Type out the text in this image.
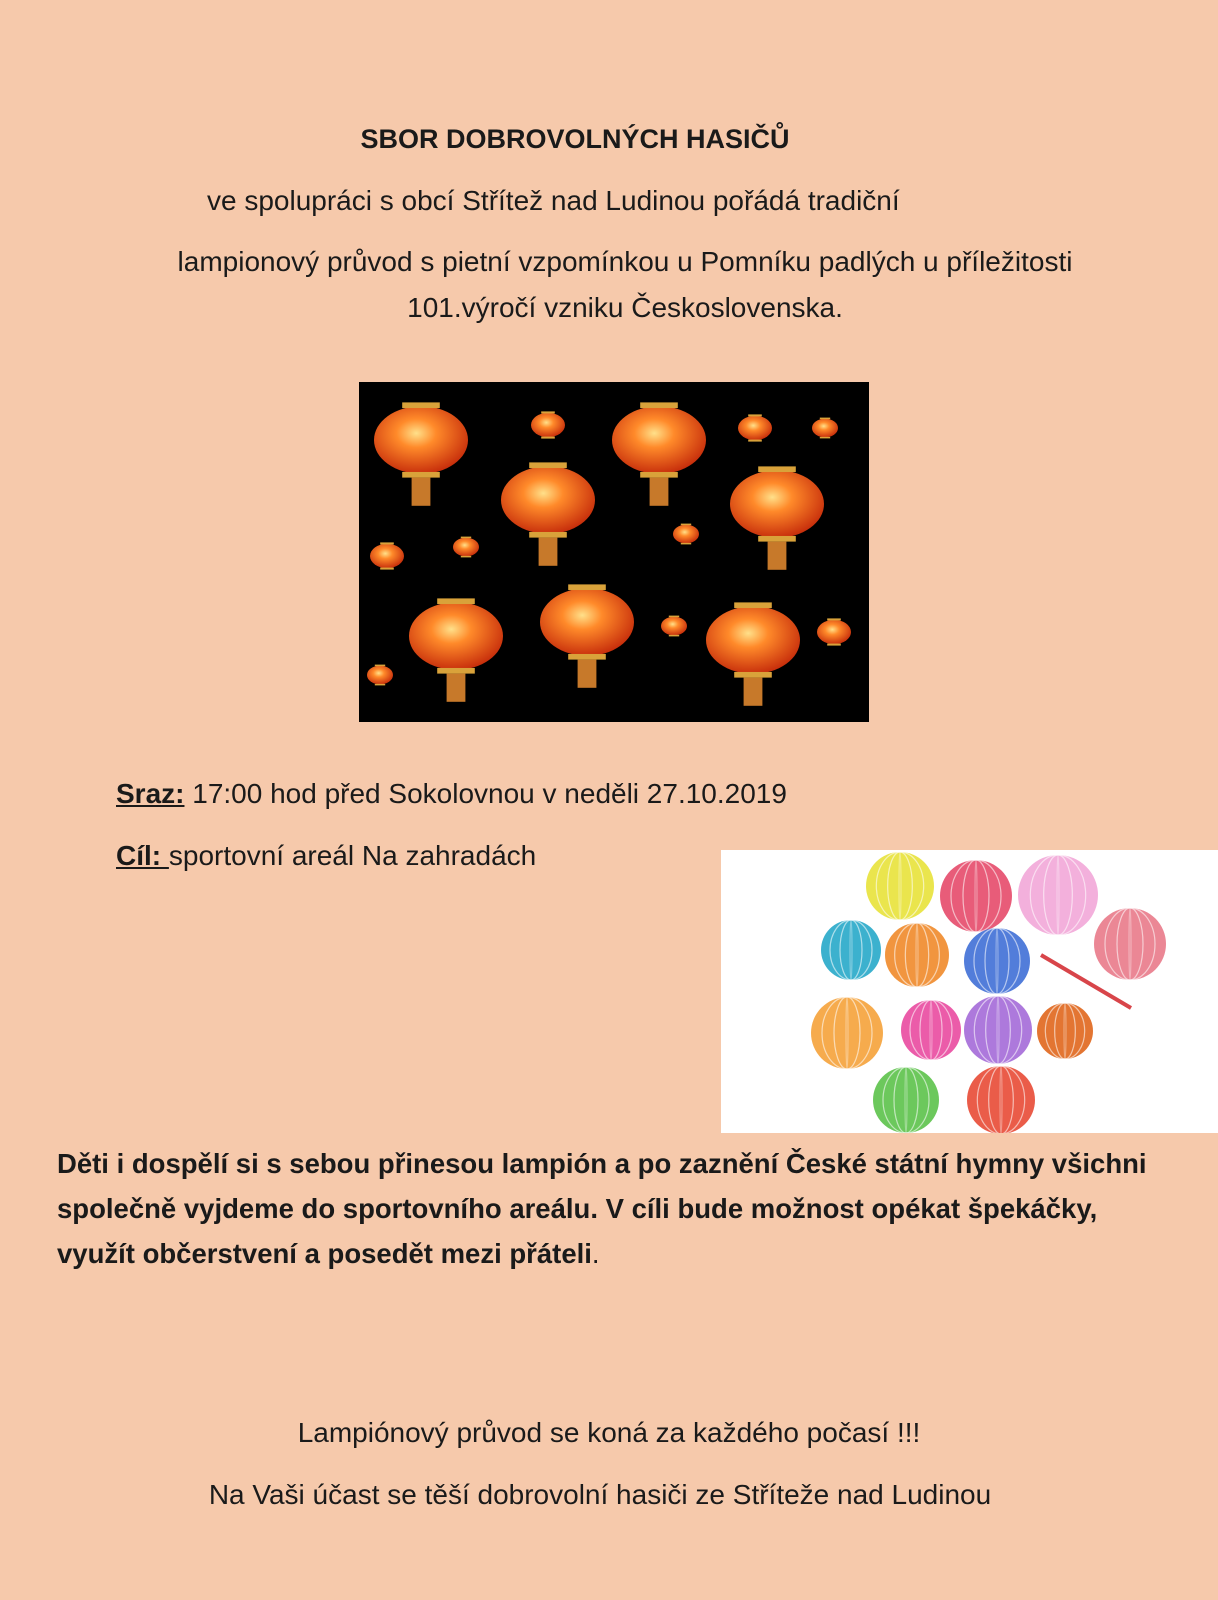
SBOR DOBROVOLNÝCH HASIČŮ
ve spolupráci s obcí Střítež nad Ludinou pořádá tradiční
lampionový průvod s pietní vzpomínkou u Pomníku padlých u příležitosti
101.výročí vzniku Československa.
Sraz: 17:00 hod před Sokolovnou v neděli 27.10.2019
Cíl: sportovní areál Na zahradách
Děti i dospělí si s sebou přinesou lampión a po zaznění České státní hymny všichni společně vyjdeme do sportovního areálu. V cíli bude možnost opékat špekáčky, využít občerstvení a posedět mezi přáteli.
Lampiónový průvod se koná za každého počasí !!!
Na Vaši účast se těší dobrovolní hasiči ze Stříteže nad Ludinou
